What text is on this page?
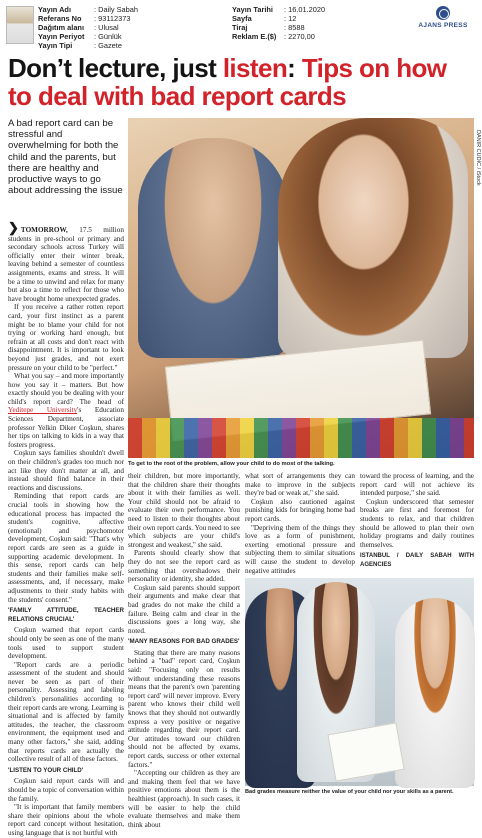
Yayın Adı	: Daily Sabah
Referans No	: 93112373
Dağıtım alanı	: Ulusal
Yayın Periyot	: Günlük
Yayın Tipi	: Gazete
Yayın Tarihi	: 16.01.2020
Sayfa	: 12
Tiraj	: 8588
Reklam E.($)	: 2270,00
AJANS PRESS
Don’t lecture, just listen: Tips on how to deal with bad report cards
A bad report card can be stressful and overwhelming for both the child and the parents, but there are healthy and productive ways to go about addressing the issue
DANIR CUDIC / iStock
To get to the root of the problem, allow your child to do most of the talking.

❯ TOMORROW, 17.5 million students in pre-school or primary and secondary schools across Turkey will officially enter their winter break, leaving behind a semester of countless assignments, exams and stress. It will be a time to unwind and relax for many but also a time to reflect for those who have brought home unexpected grades.

If you receive a rather rotten report card, your first instinct as a parent might be to blame your child for not trying or working hard enough, but refrain at all costs and don't react with disappointment. It is important to look beyond just grades, and not exert pressure on your child to be "perfect."

What you say – and more importantly how you say it – matters. But how exactly should you be dealing with your child's report card? The head of Yeditepe University's Education Sciences Department, associate professor Yelkin Diker Coşkun, shares her tips on talking to kids in a way that fosters progress.

Coşkun says families shouldn't dwell on their children's grades too much nor act like they don't matter at all, and instead should find balance in their reactions and discussions.

Reminding that report cards are crucial tools in showing how the educational process has impacted the student's cognitive, affective (emotional) and psychomotor development, Coşkun said: "That's why report cards are seen as a guide in supporting academic development. In this sense, report cards can help students and their families make self-assessments, and, if necessary, make adjustments to their study habits with the students' consent."

'FAMILY ATTITUDE, TEACHER RELATIONS CRUCIAL'

Coşkun warned that report cards should only be seen as one of the many tools used to support student development.

"Report cards are a periodic assessment of the student and should never be seen as part of their personality. Assessing and labeling children's personalities according to their report cards are wrong. Learning is situational and is affected by family attitudes, the teacher, the classroom environment, the equipment used and many other factors," she said, adding that reports cards are actually the collective result of all of these factors.

'LISTEN TO YOUR CHILD'

Coşkun said report cards will and should be a topic of conversation within the family.

"It is important that family members share their opinions about the whole report card concept without hesitation, using language that is not hurtful with

their children, but more importantly, that the children share their thoughts about it with their families as well. Your child should not be afraid to evaluate their own performance. You need to listen to their thoughts about their own report cards. You need to see which subjects are your child's strongest and weakest," she said.

Parents should clearly show that they do not see the report card as something that overshadows their personality or identity, she added.

Coşkun said parents should support their arguments and make clear that bad grades do not make the child a failure. Being calm and clear in the discussions goes a long way, she noted.

'MANY REASONS FOR BAD GRADES'

Stating that there are many reasons behind a "bad" report card, Coşkun said: "Focusing only on results without understanding these reasons means that the parent's own 'parenting report card' will never improve. Every parent who knows their child well knows that they should not outwardly express a very positive or negative attitude regarding their report card. Our attitudes toward our children should not be affected by exams, report cards, success or other external factors."

"Accepting our children as they are and making them feel that we have positive emotions about them is the healthiest (approach). In such cases, it will be easier to help the child evaluate themselves and make them think about

what sort of arrangements they can make to improve in the subjects they're bad or weak at," she said.

Coşkun also cautioned against punishing kids for bringing home bad report cards.

"Depriving them of the things they love as a form of punishment, exerting emotional pressure and subjecting them to similar situations will cause the student to develop negative attitudes

toward the process of learning, and the report card will not achieve its intended purpose," she said.

Coşkun underscored that semester breaks are first and foremost for students to relax, and that children should be allowed to plan their own holiday programs and daily routines themselves.

ISTANBUL / DAILY SABAH WITH AGENCIES
Bad grades measure neither the value of your child nor your skills as a parent.
